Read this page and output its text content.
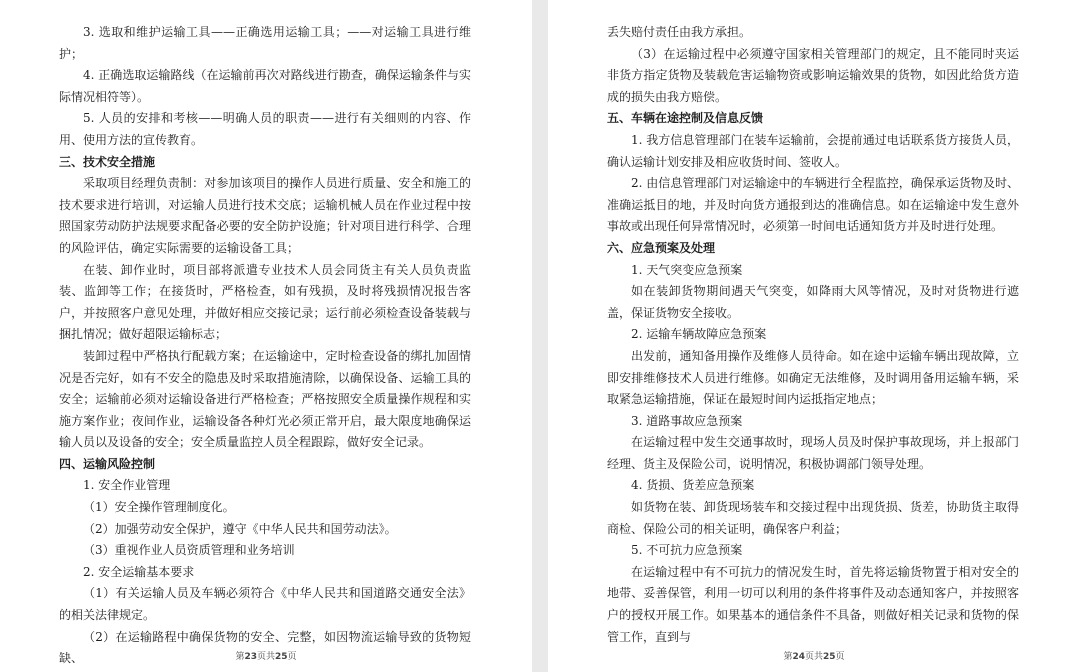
3. 选取和维护运输工具——正确选用运输工具；——对运输工具进行维护；

4. 正确选取运输路线（在运输前再次对路线进行勘查，确保运输条件与实际情况相符等）。

5. 人员的安排和考核——明确人员的职责——进行有关细则的内容、作用、使用方法的宣传教育。

三、技术安全措施

采取项目经理负责制：对参加该项目的操作人员进行质量、安全和施工的技术要求进行培训，对运输人员进行技术交底；运输机械人员在作业过程中按照国家劳动防护法规要求配备必要的安全防护设施；针对项目进行科学、合理的风险评估，确定实际需要的运输设备工具；

在装、卸作业时，项目部将派遣专业技术人员会同货主有关人员负责监装、监卸等工作；在接货时，严格检查，如有残损，及时将残损情况报告客户，并按照客户意见处理，并做好相应交接记录；运行前必须检查设备装载与捆扎情况；做好超限运输标志；

装卸过程中严格执行配载方案；在运输途中，定时检查设备的绑扎加固情况是否完好，如有不安全的隐患及时采取措施清除，以确保设备、运输工具的安全；运输前必须对运输设备进行严格检查；严格按照安全质量操作规程和实施方案作业；夜间作业，运输设备各种灯光必须正常开启，最大限度地确保运输人员以及设备的安全；安全质量监控人员全程跟踪，做好安全记录。

四、运输风险控制

1. 安全作业管理

（1）安全操作管理制度化。

（2）加强劳动安全保护，遵守《中华人民共和国劳动法》。

（3）重视作业人员资质管理和业务培训

2. 安全运输基本要求

（1）有关运输人员及车辆必须符合《中华人民共和国道路交通安全法》的相关法律规定。

（2）在运输路程中确保货物的安全、完整，如因物流运输导致的货物短缺、	第23页共25页

丢失赔付责任由我方承担。

（3）在运输过程中必须遵守国家相关管理部门的规定，且不能同时夹运非货方指定货物及装载危害运输物资或影响运输效果的货物，如因此给货方造成的损失由我方赔偿。

五、车辆在途控制及信息反馈

1. 我方信息管理部门在装车运输前，会提前通过电话联系货方接货人员，确认运输计划安排及相应收货时间、签收人。

2. 由信息管理部门对运输途中的车辆进行全程监控，确保承运货物及时、准确运抵目的地，并及时向货方通报到达的准确信息。如在运输途中发生意外事故或出现任何异常情况时，必须第一时间电话通知货方并及时进行处理。

六、应急预案及处理

1. 天气突变应急预案

如在装卸货物期间遇天气突变，如降雨大风等情况，及时对货物进行遮盖，保证货物安全接收。

2. 运输车辆故障应急预案

出发前，通知备用操作及维修人员待命。如在途中运输车辆出现故障，立即安排维修技术人员进行维修。如确定无法维修，及时调用备用运输车辆，采取紧急运输措施，保证在最短时间内运抵指定地点；

3. 道路事故应急预案

在运输过程中发生交通事故时，现场人员及时保护事故现场，并上报部门经理、货主及保险公司，说明情况，积极协调部门领导处理。

4. 货损、货差应急预案

如货物在装、卸货现场装车和交接过程中出现货损、货差，协助货主取得商检、保险公司的相关证明，确保客户利益；

5. 不可抗力应急预案

在运输过程中有不可抗力的情况发生时，首先将运输货物置于相对安全的地带、妥善保管，利用一切可以利用的条件将事件及动态通知客户，并按照客户的授权开展工作。如果基本的通信条件不具备，则做好相关记录和货物的保管工作，直到与

第24页共25页
